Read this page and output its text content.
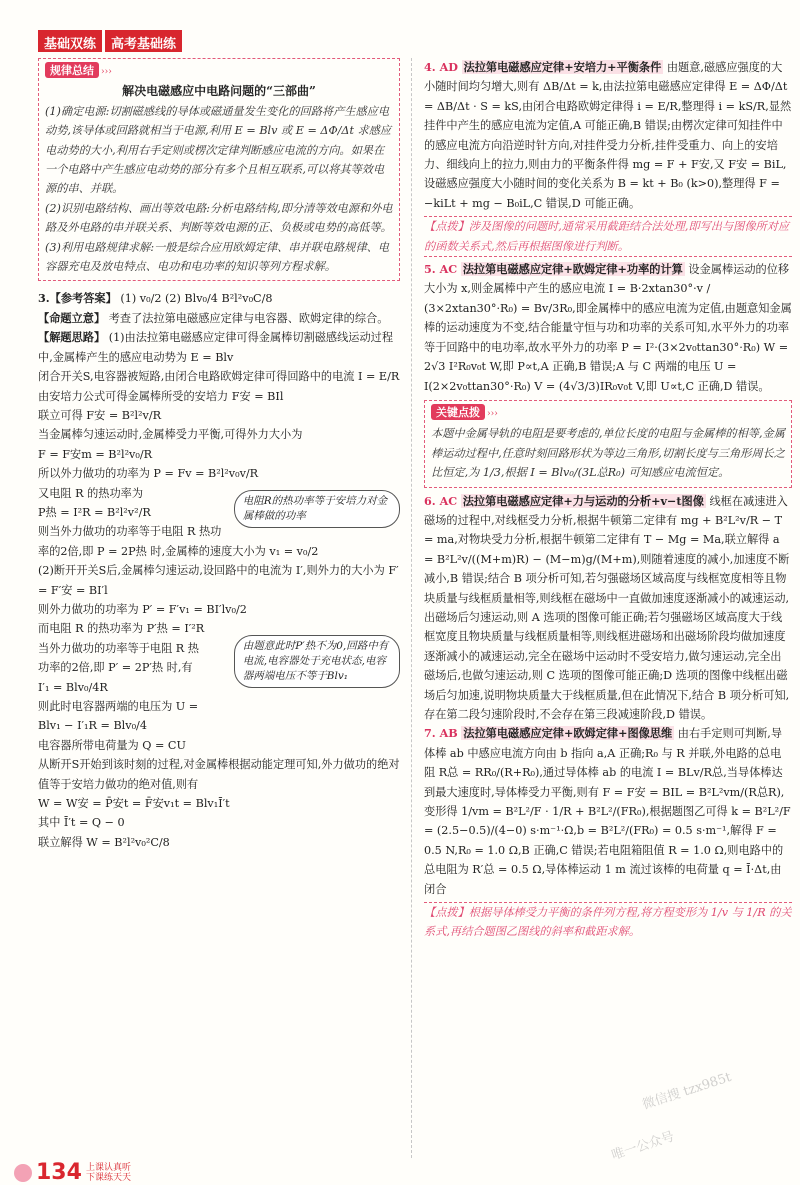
基础双练	高考基础练
规律总结 ›››

解决电磁感应中电路问题的“三部曲”

(1)确定电源:切割磁感线的导体或磁通量发生变化的回路将产生感应电动势,该导体或回路就相当于电源,利用 E = Blv 或 E = ΔΦ/Δt 求感应电动势的大小,利用右手定则或楞次定律判断感应电流的方向。如果在一个电路中产生感应电动势的部分有多个且相互联系,可以将其等效电源的串、并联。

(2)识别电路结构、画出等效电路:分析电路结构,即分清等效电源和外电路及外电路的串并联关系、判断等效电源的正、负极或电势的高低等。

(3)利用电路规律求解:一般是综合应用欧姆定律、串并联电路规律、电容器充电及放电特点、电功和电功率的知识等列方程求解。

3.【参考答案】 (1) v₀/2 (2) Blv₀/4 B²l²v₀C/8

【命题立意】 考查了法拉第电磁感应定律与电容器、欧姆定律的综合。

【解题思路】 (1)由法拉第电磁感应定律可得金属棒切割磁感线运动过程中,金属棒产生的感应电动势为 E = Blv

闭合开关S,电容器被短路,由闭合电路欧姆定律可得回路中的电流 I = E/R

由安培力公式可得金属棒所受的安培力 F安 = BIl

联立可得 F安 = B²l²v/R

当金属棒匀速运动时,金属棒受力平衡,可得外力大小为

F = F安m = B²l²v₀/R

所以外力做功的功率为 P = Fv = B²l²v₀v/R

又电阻 R 的热功率为

P热 = I²R = B²l²v²/R

则当外力做功的功率等于电阻 R 热功

电阻R的热功率等于安培力对金属棒做的功率

率的2倍,即 P = 2P热 时,金属棒的速度大小为 v₁ = v₀/2

(2)断开开关S后,金属棒匀速运动,设回路中的电流为 I′,则外力的大小为 F′ = F′安 = BI′l

则外力做功的功率为 P′ = F′v₁ = BI′lv₀/2

而电阻 R 的热功率为 P′热 = I′²R

当外力做功的功率等于电阻 R 热

功率的2倍,即 P′ = 2P′热 时,有

I′₁ = Blv₀/4R

则此时电容器两端的电压为 U =

Blv₁ − I′₁R = Blv₀/4

由题意此时P′热不为0,回路中有电流,电容器处于充电状态,电容器两端电压不等于Blv₁

电容器所带电荷量为 Q = CU

从断开S开始到该时刻的过程,对金属棒根据动能定理可知,外力做功的绝对值等于安培力做功的绝对值,则有

W = W安 = P̄安t = F̄安v₁t = Blv₁Ī′t

其中 Ī′t = Q − 0

联立解得 W = B²l²v₀²C/8

4. AD 法拉第电磁感应定律+安培力+平衡条件 由题意,磁感应强度的大小随时间均匀增大,则有 ΔB/Δt = k,由法拉第电磁感应定律得 E = ΔΦ/Δt = ΔB/Δt · S = kS,由闭合电路欧姆定律得 i = E/R,整理得 i = kS/R,显然挂件中产生的感应电流为定值,A 可能正确,B 错误;由楞次定律可知挂件中的感应电流方向沿逆时针方向,对挂件受力分析,挂件受重力、向上的安培力、细线向上的拉力,则由力的平衡条件得 mg = F + F安,又 F安 = BiL,设磁感应强度大小随时间的变化关系为 B = kt + B₀ (k>0),整理得 F = −kiLt + mg − B₀iL,C 错误,D 可能正确。

【点拨】涉及图像的问题时,通常采用截距结合法处理,即写出与图像所对应的函数关系式,然后再根据图像进行判断。

5. AC 法拉第电磁感应定律+欧姆定律+功率的计算 设金属棒运动的位移大小为 x,则金属棒中产生的感应电流 I = B·2xtan30°·v / (3×2xtan30°·R₀) = Bv/3R₀,即金属棒中的感应电流为定值,由题意知金属棒的运动速度为不变,结合能量守恒与功和功率的关系可知,水平外力的功率等于回路中的电功率,故水平外力的功率 P = I²·(3×2v₀ttan30°·R₀) W = 2√3 I²R₀v₀t W,即 P∝t,A 正确,B 错误;A 与 C 两端的电压 U = I(2×2v₀ttan30°·R₀) V = (4√3/3)IR₀v₀t V,即 U∝t,C 正确,D 错误。

关键点拨 ›››

本题中金属导轨的电阻是要考虑的,单位长度的电阻与金属棒的相等,金属棒运动过程中,任意时刻回路形状为等边三角形,切割长度与三角形周长之比恒定,为 1/3,根据 I = Blv₀/(3L总R₀) 可知感应电流恒定。

6. AC 法拉第电磁感应定律+力与运动的分析+v−t图像 线框在减速进入磁场的过程中,对线框受力分析,根据牛顿第二定律有 mg + B²L²v/R − T = ma,对物块受力分析,根据牛顿第二定律有 T − Mg = Ma,联立解得 a = B²L²v/((M+m)R) − (M−m)g/(M+m),则随着速度的减小,加速度不断减小,B 错误;结合 B 项分析可知,若匀强磁场区域高度与线框宽度相等且物块质量与线框质量相等,则线框在磁场中一直做加速度逐渐减小的减速运动,出磁场后匀速运动,则 A 选项的图像可能正确;若匀强磁场区域高度大于线框宽度且物块质量与线框质量相等,则线框进磁场和出磁场阶段均做加速度逐渐减小的减速运动,完全在磁场中运动时不受安培力,做匀速运动,完全出磁场后,也做匀速运动,则 C 选项的图像可能正确;D 选项的图像中线框出磁场后匀加速,说明物块质量大于线框质量,但在此情况下,结合 B 项分析可知,存在第二段匀速阶段时,不会存在第三段减速阶段,D 错误。

7. AB 法拉第电磁感应定律+欧姆定律+图像思维 由右手定则可判断,导体棒 ab 中感应电流方向由 b 指向 a,A 正确;R₀ 与 R 并联,外电路的总电阻 R总 = RR₀/(R+R₀),通过导体棒 ab 的电流 I = BLv/R总,当导体棒达到最大速度时,导体棒受力平衡,则有 F = F安 = BIL = B²L²vm/(R总R),变形得 1/vm = B²L²/F · 1/R + B²L²/(FR₀),根据题图乙可得 k = B²L²/F = (2.5−0.5)/(4−0) s·m⁻¹·Ω,b = B²L²/(FR₀) = 0.5 s·m⁻¹,解得 F = 0.5 N,R₀ = 1.0 Ω,B 正确,C 错误;若电阻箱阻值 R = 1.0 Ω,则电路中的总电阻为 R′总 = 0.5 Ω,导体棒运动 1 m 流过该棒的电荷量 q = Ī·Δt,由闭合

【点拨】根据导体棒受力平衡的条件列方程,将方程变形为 1/v 与 1/R 的关系式,再结合题图乙图线的斜率和截距求解。

微信搜 tzx985t
唯一公众号
134 上课认真听
下课练天天
